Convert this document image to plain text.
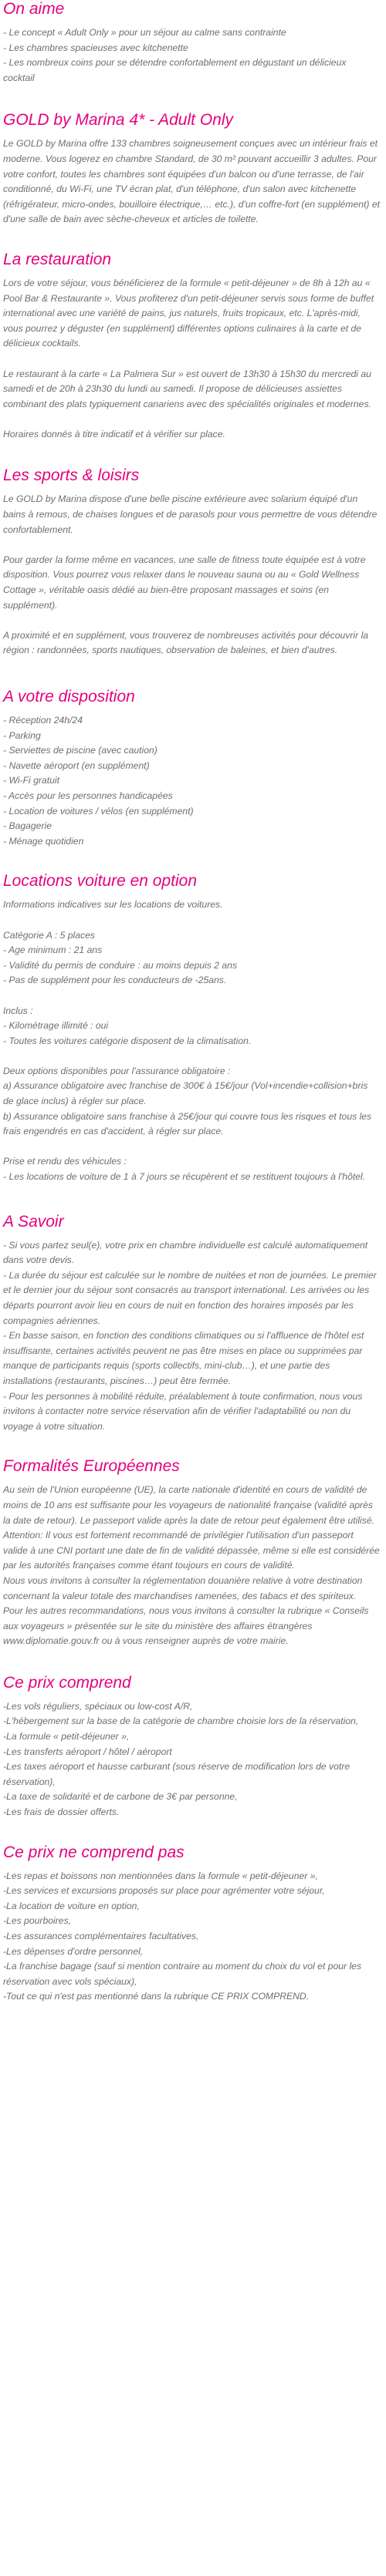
On aime

- Le concept « Adult Only » pour un séjour au calme sans contrainte

- Les chambres spacieuses avec kitchenette

- Les nombreux coins pour se détendre confortablement en dégustant un délicieux cocktail

GOLD by Marina 4* - Adult Only

Le GOLD by Marina offre 133 chambres soigneusement conçues avec un intérieur frais et moderne. Vous logerez en chambre Standard, de 30 m² pouvant accueillir 3 adultes. Pour votre confort, toutes les chambres sont équipées d'un balcon ou d'une terrasse, de l'air conditionné, du Wi-Fi, une TV écran plat, d'un téléphone, d'un salon avec kitchenette (réfrigérateur, micro-ondes, bouilloire électrique,… etc.), d'un coffre-fort (en supplément) et d'une salle de bain avec sèche-cheveux et articles de toilette.

La restauration

Lors de votre séjour, vous bénéficierez de la formule « petit-déjeuner » de 8h à 12h au « Pool Bar & Restaurante ». Vous profiterez d'un petit-déjeuner servis sous forme de buffet international avec une variété de pains, jus naturels, fruits tropicaux, etc. L'après-midi, vous pourrez y déguster (en supplément) différentes options culinaires à la carte et de délicieux cocktails.

Le restaurant à la carte « La Palmera Sur » est ouvert de 13h30 à 15h30 du mercredi au samedi et de 20h à 23h30 du lundi au samedi. Il propose de délicieuses assiettes combinant des plats typiquement canariens avec des spécialités originales et modernes.

Horaires donnés à titre indicatif et à vérifier sur place.

Les sports & loisirs

Le GOLD by Marina dispose d'une belle piscine extérieure avec solarium équipé d'un bains à remous, de chaises longues et de parasols pour vous permettre de vous détendre confortablement.

Pour garder la forme même en vacances, une salle de fitness toute équipée est à votre disposition. Vous pourrez vous relaxer dans le nouveau sauna ou au « Gold Wellness Cottage », véritable oasis dédié au bien-être proposant massages et soins (en supplément).

A proximité et en supplément, vous trouverez de nombreuses activités pour découvrir la région : randonnées, sports nautiques, observation de baleines, et bien d'autres.

A votre disposition

- Réception 24h/24

- Parking

- Serviettes de piscine (avec caution)

- Navette aéroport (en supplément)

- Wi-Fi gratuit

- Accès pour les personnes handicapées

- Location de voitures / vélos (en supplément)

- Bagagerie

- Ménage quotidien

Locations voiture en option

Informations indicatives sur les locations de voitures.

Catégorie A : 5 places

- Age minimum : 21 ans

- Validité du permis de conduire : au moins depuis 2 ans

- Pas de supplément pour les conducteurs de -25ans.

Inclus :

- Kilométrage illimité : oui

- Toutes les voitures catégorie disposent de la climatisation.

Deux options disponibles pour l'assurance obligatoire :

a) Assurance obligatoire avec franchise de 300€ à 15€/jour (Vol+incendie+collision+bris de glace inclus) à régler sur place.

b) Assurance obligatoire sans franchise à 25€/jour qui couvre tous les risques et tous les frais engendrés en cas d'accident, à régler sur place.

Prise et rendu des véhicules :

- Les locations de voiture de 1 à 7 jours se récupèrent et se restituent toujours à l'hôtel.

A Savoir

- Si vous partez seul(e), votre prix en chambre individuelle est calculé automatiquement dans votre devis.

- La durée du séjour est calculée sur le nombre de nuitées et non de journées. Le premier et le dernier jour du séjour sont consacrés au transport international. Les arrivées ou les départs pourront avoir lieu en cours de nuit en fonction des horaires imposés par les compagnies aériennes.

- En basse saison, en fonction des conditions climatiques ou si l'affluence de l'hôtel est insuffisante, certaines activités peuvent ne pas être mises en place ou supprimées par manque de participants requis (sports collectifs, mini-club…), et une partie des installations (restaurants, piscines…) peut être fermée.

- Pour les personnes à mobilité réduite, préalablement à toute confirmation, nous vous invitons à contacter notre service réservation afin de vérifier l'adaptabilité ou non du voyage à votre situation.

Formalités Européennes

Au sein de l'Union européenne (UE), la carte nationale d'identité en cours de validité de moins de 10 ans est suffisante pour les voyageurs de nationalité française (validité après la date de retour). Le passeport valide après la date de retour peut également être utilisé.

Attention: Il vous est fortement recommandé de privilégier l'utilisation d'un passeport valide à une CNI portant une date de fin de validité dépassée, même si elle est considérée par les autorités françaises comme étant toujours en cours de validité.

Nous vous invitons à consulter la réglementation douanière relative à votre destination concernant la valeur totale des marchandises ramenées, des tabacs et des spiriteux.

Pour les autres recommandations, nous vous invitons à consulter la rubrique « Conseils aux voyageurs » présentée sur le site du ministère des affaires étrangères www.diplomatie.gouv.fr ou à vous renseigner auprès de votre mairie.

Ce prix comprend

-Les vols réguliers, spéciaux ou low-cost A/R,

-L'hébergement sur la base de la catégorie de chambre choisie lors de la réservation,

-La formule « petit-déjeuner »,

-Les transferts aéroport / hôtel / aéroport

-Les taxes aéroport et hausse carburant (sous réserve de modification lors de votre réservation),

-La taxe de solidarité et de carbone de 3€ par personne,

-Les frais de dossier offerts.

Ce prix ne comprend pas

-Les repas et boissons non mentionnées dans la formule « petit-déjeuner »,

-Les services et excursions proposés sur place pour agrémenter votre séjour,

-La location de voiture en option,

-Les pourboires,

-Les assurances complémentaires facultatives,

-Les dépenses d'ordre personnel,

-La franchise bagage (sauf si mention contraire au moment du choix du vol et pour les réservation avec vols spéciaux),

-Tout ce qui n'est pas mentionné dans la rubrique CE PRIX COMPREND.
